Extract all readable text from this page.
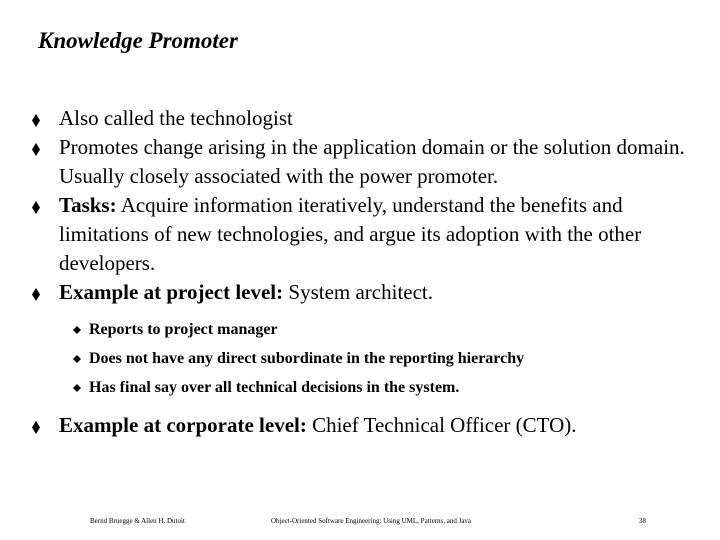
Knowledge Promoter
Also called the technologist
Promotes change arising in the application domain or the solution domain. Usually closely associated with the power promoter.
Tasks: Acquire information iteratively, understand the benefits and limitations of new technologies, and argue its adoption with the other developers.
Example at project level: System architect.
Reports to project manager
Does not have any direct subordinate in the reporting hierarchy
Has final say over all technical decisions in the system.
Example at corporate level: Chief Technical Officer (CTO).
Bernd Bruegge & Allen H. Dutoit	Object-Oriented Software Engineering: Using UML, Patterns, and Java	38
